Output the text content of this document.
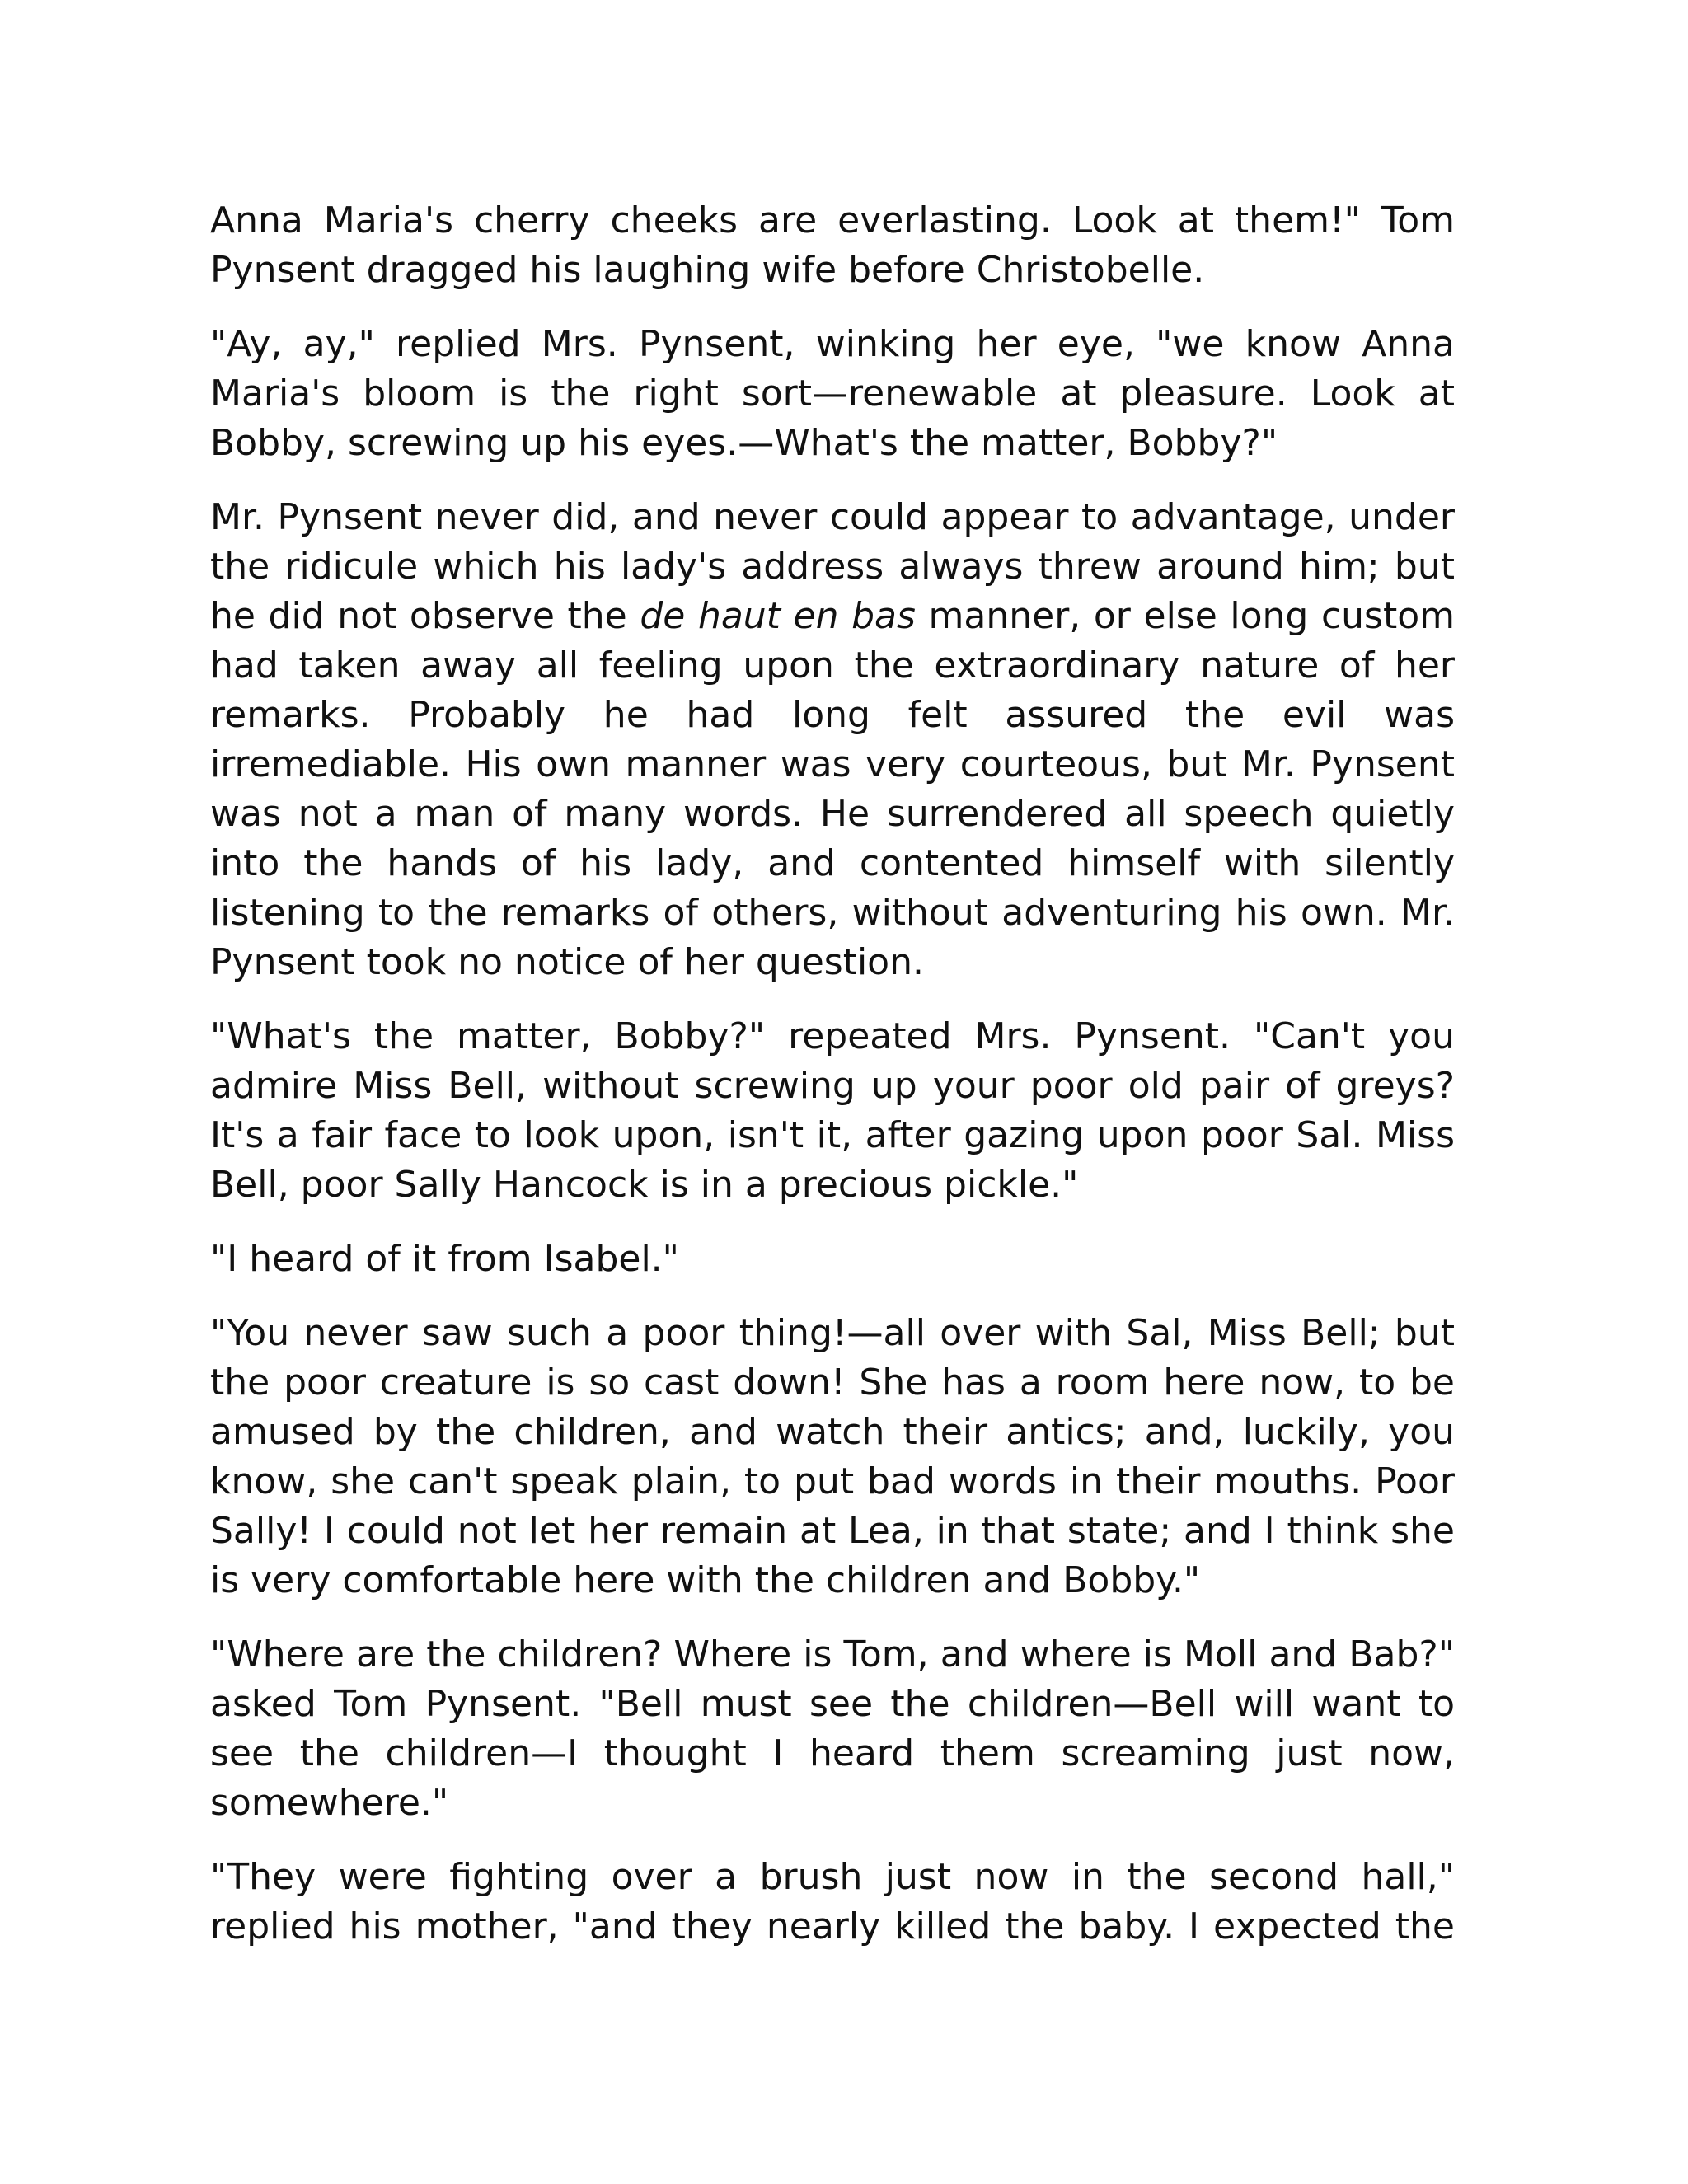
Anna Maria's cherry cheeks are everlasting. Look at them!" Tom Pynsent dragged his laughing wife before Christobelle.

"Ay, ay," replied Mrs. Pynsent, winking her eye, "we know Anna Maria's bloom is the right sort—renewable at pleasure. Look at Bobby, screwing up his eyes.—What's the matter, Bobby?"

Mr. Pynsent never did, and never could appear to advantage, under the ridicule which his lady's address always threw around him; but he did not observe the de haut en bas manner, or else long custom had taken away all feeling upon the extraordinary nature of her remarks. Probably he had long felt assured the evil was irremediable. His own manner was very courteous, but Mr. Pynsent was not a man of many words. He surrendered all speech quietly into the hands of his lady, and contented himself with silently listening to the remarks of others, without adventuring his own. Mr. Pynsent took no notice of her question.

"What's the matter, Bobby?" repeated Mrs. Pynsent. "Can't you admire Miss Bell, without screwing up your poor old pair of greys? It's a fair face to look upon, isn't it, after gazing upon poor Sal. Miss Bell, poor Sally Hancock is in a precious pickle."

"I heard of it from Isabel."

"You never saw such a poor thing!—all over with Sal, Miss Bell; but the poor creature is so cast down! She has a room here now, to be amused by the children, and watch their antics; and, luckily, you know, she can't speak plain, to put bad words in their mouths. Poor Sally! I could not let her remain at Lea, in that state; and I think she is very comfortable here with the children and Bobby."

"Where are the children? Where is Tom, and where is Moll and Bab?" asked Tom Pynsent. "Bell must see the children—Bell will want to see the children—I thought I heard them screaming just now, somewhere."

"They were fighting over a brush just now in the second hall," replied his mother, "and they nearly killed the baby. I expected the
